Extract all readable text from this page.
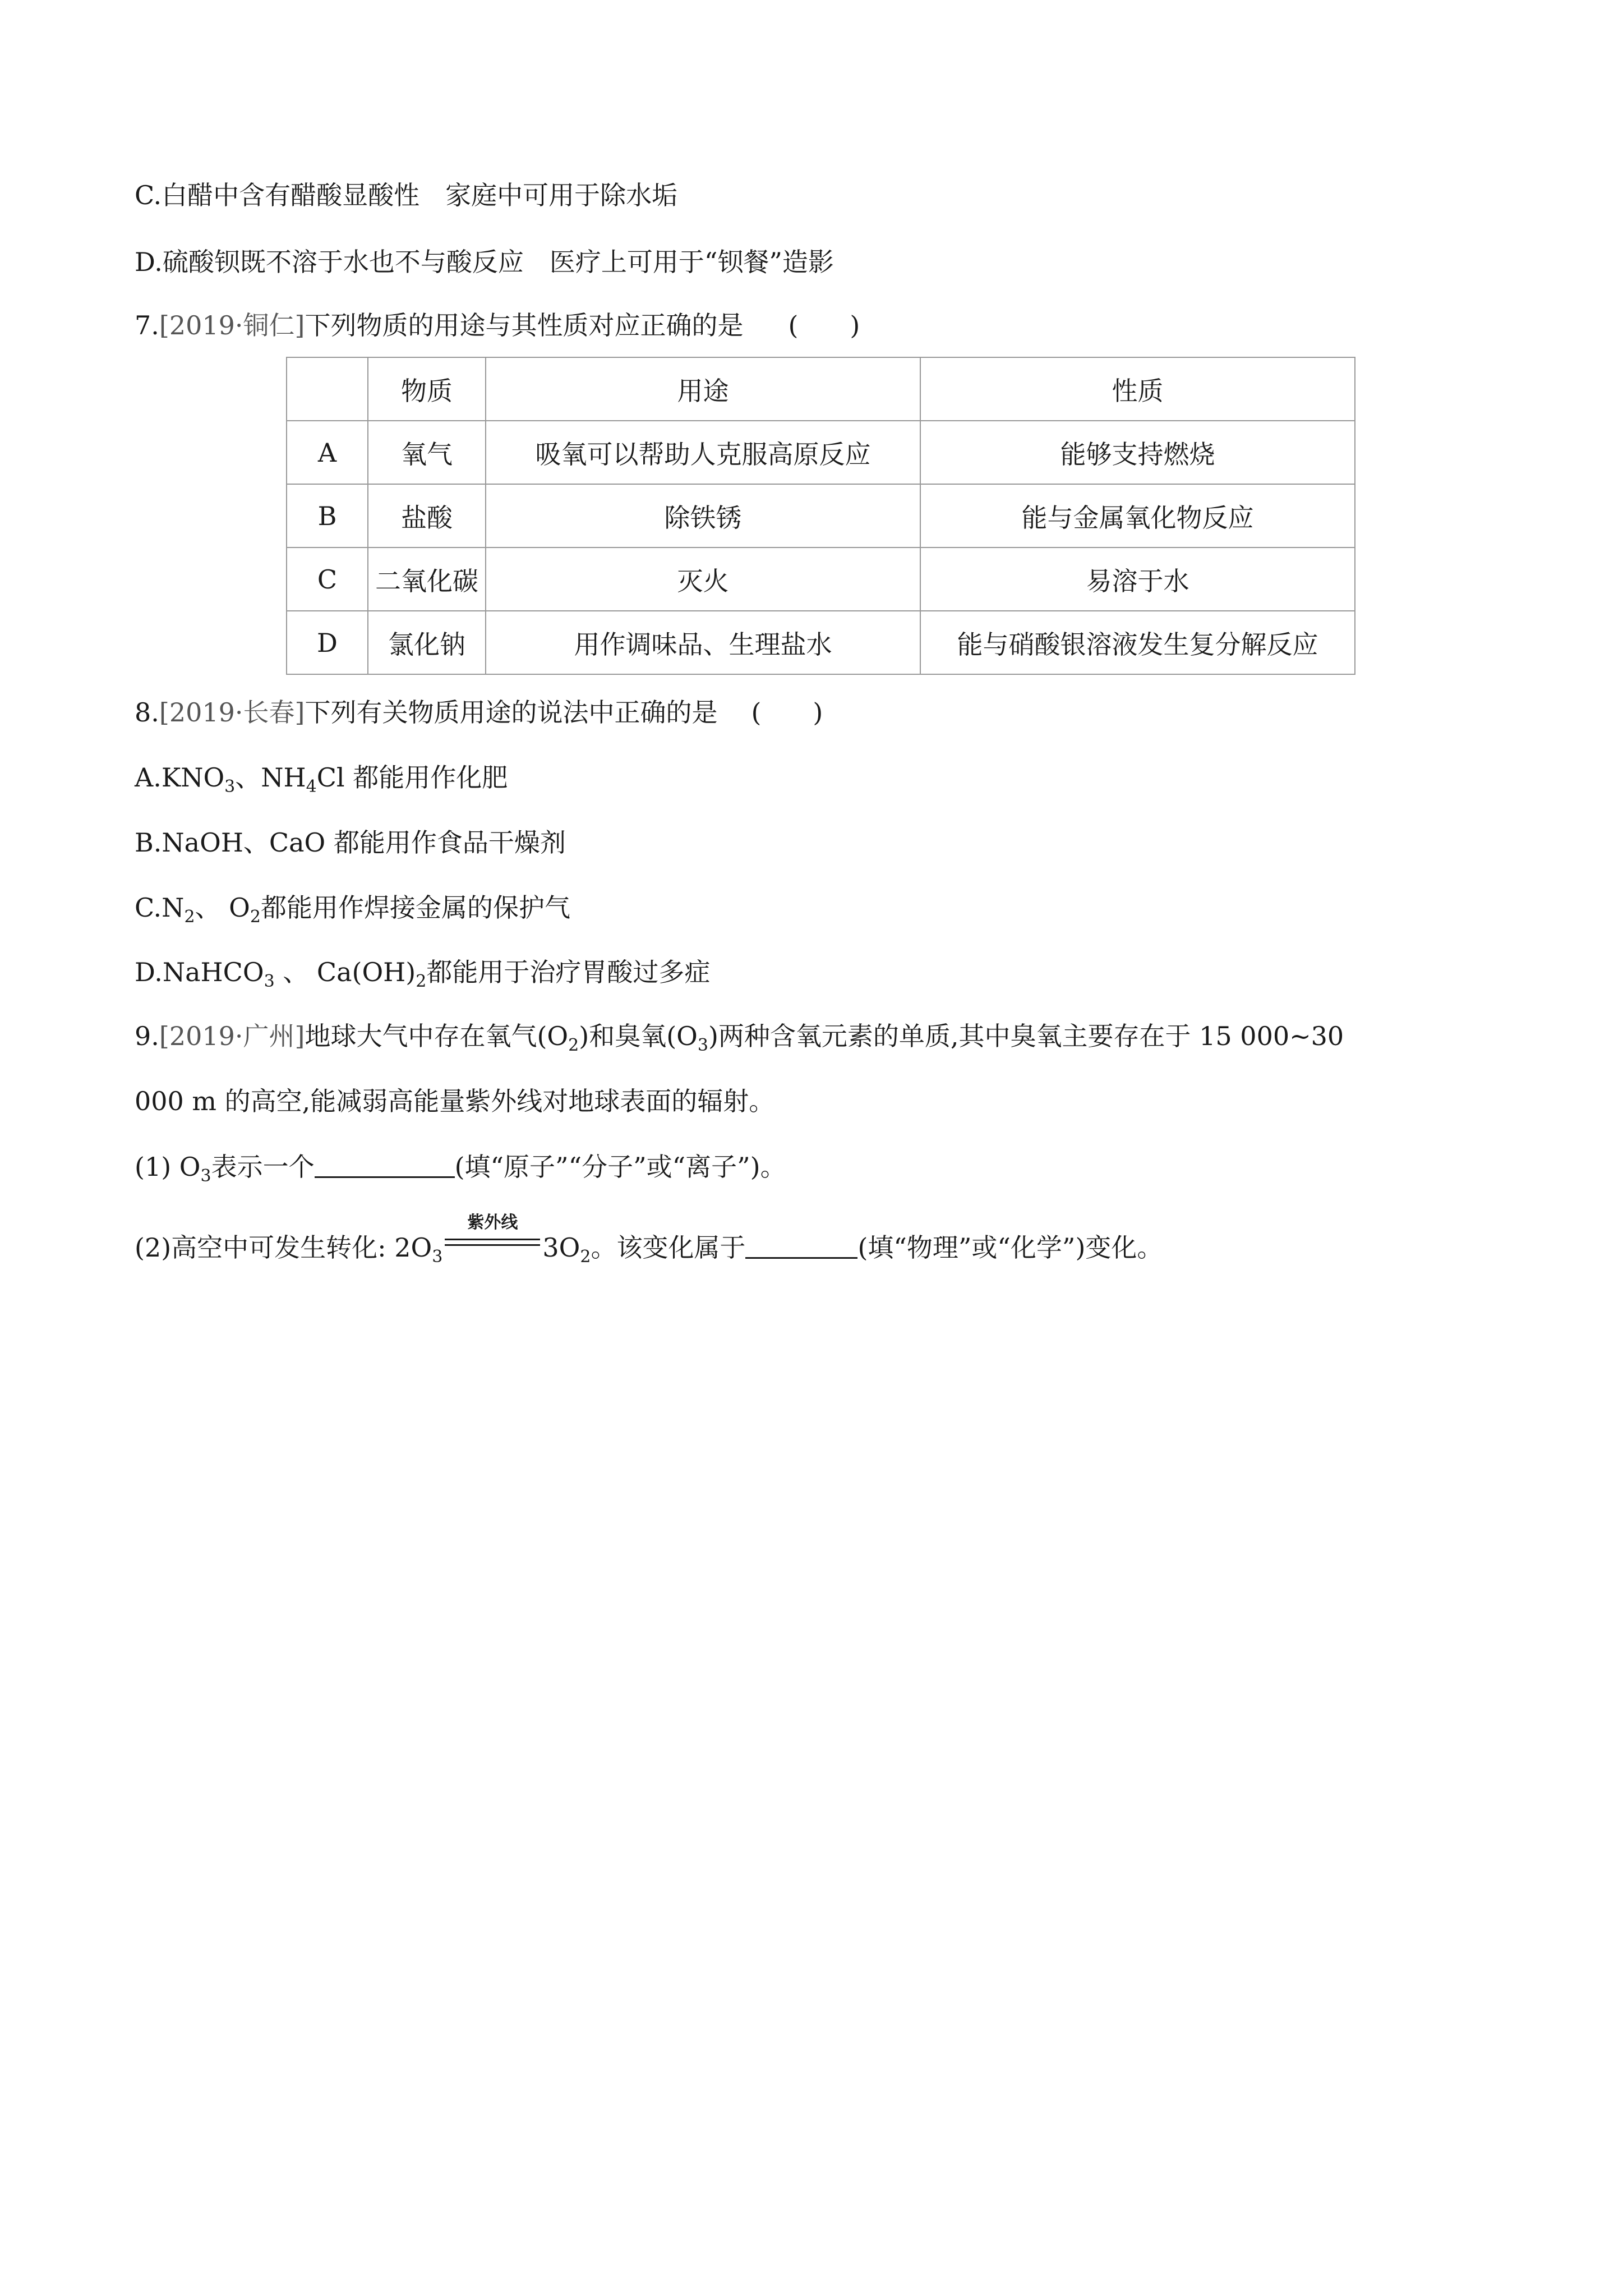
C.白醋中含有醋酸显酸性　家庭中可用于除水垢
D.硫酸钡既不溶于水也不与酸反应　医疗上可用于“钡餐”造影
7.[2019·铜仁]下列物质的用途与其性质对应正确的是 (　　)
	物质	用途	性质
A	氧气	吸氧可以帮助人克服高原反应	能够支持燃烧
B	盐酸	除铁锈	能与金属氧化物反应
C	二氧化碳	灭火	易溶于水
D	氯化钠	用作调味品、生理盐水	能与硝酸银溶液发生复分解反应
8.[2019·长春]下列有关物质用途的说法中正确的是 (　　)
$A.KNO_3$、$NH_4Cl$ 都能用作化肥
B.NaOH、CaO 都能用作食品干燥剂
$C.N_2$、 $O_2$都能用作焊接金属的保护气
D.NaHCO$_3$ 、 $Ca(OH)_2$都能用于治疗胃酸过多症
9.[2019·广州]地球大气中存在氧气$(O_2)$和臭氧$(O_3)$两种含氧元素的单质,其中臭氧主要存在于 15 000~30
000 m 的高空,能减弱高能量紫外线对地球表面的辐射。
(1) $O_3$表示一个	(填“原子”“分子”或“离子”)。
(2)高空中可发生转化: $2O_3$
紫外线
$3O_2$。该变化属于	(填“物理”或“化学”)变化。
